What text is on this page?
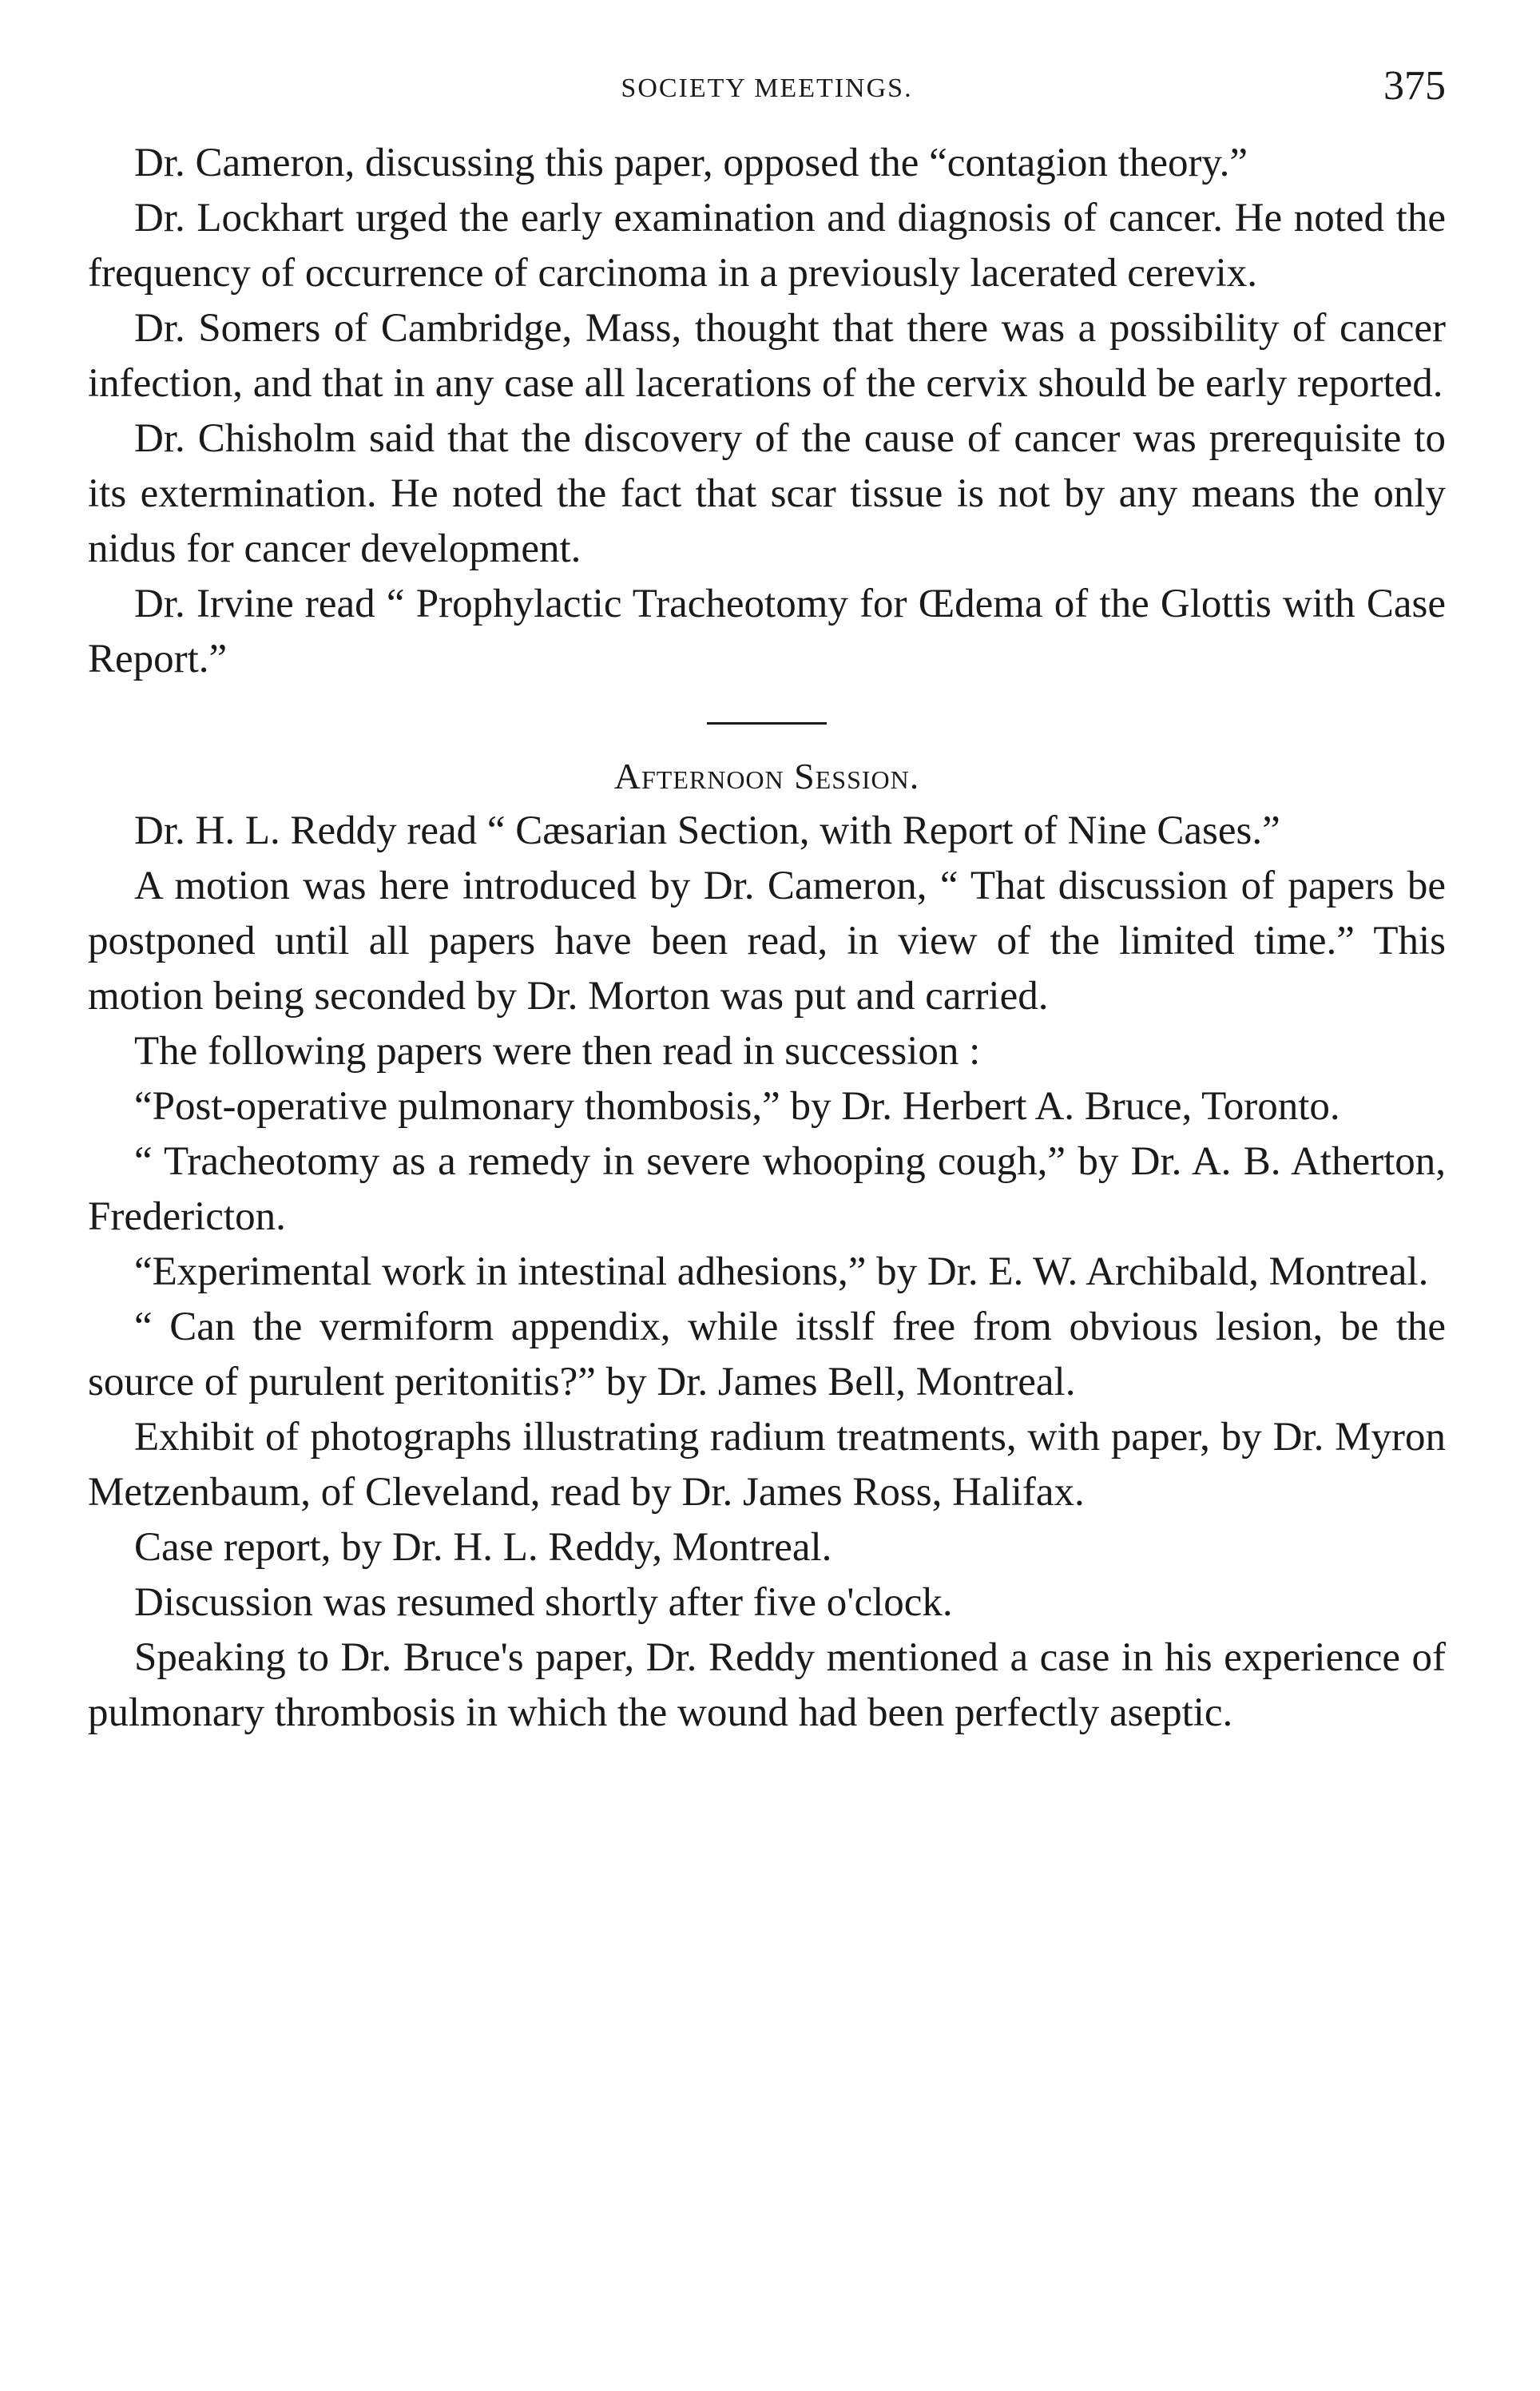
SOCIETY MEETINGS.	375

Dr. Cameron, discussing this paper, opposed the “contagion theory.”

Dr. Lockhart urged the early examination and diagnosis of cancer. He noted the frequency of occurrence of carcinoma in a previously lacerated cerevix.

Dr. Somers of Cambridge, Mass, thought that there was a possibility of cancer infection, and that in any case all lacerations of the cervix should be early reported.

Dr. Chisholm said that the discovery of the cause of cancer was prerequisite to its extermination. He noted the fact that scar tissue is not by any means the only nidus for cancer development.

Dr. Irvine read “ Prophylactic Tracheotomy for Œdema of the Glottis with Case Report.”

Afternoon Session.

Dr. H. L. Reddy read “ Cæsarian Section, with Report of Nine Cases.”

A motion was here introduced by Dr. Cameron, “ That discussion of papers be postponed until all papers have been read, in view of the limited time.” This motion being seconded by Dr. Morton was put and carried.

The following papers were then read in succession :

“Post-operative pulmonary thombosis,” by Dr. Herbert A. Bruce, Toronto.

“ Tracheotomy as a remedy in severe whooping cough,” by Dr. A. B. Atherton, Fredericton.

“Experimental work in intestinal adhesions,” by Dr. E. W. Archibald, Montreal.

“ Can the vermiform appendix, while itsslf free from obvious lesion, be the source of purulent peritonitis?” by Dr. James Bell, Montreal.

Exhibit of photographs illustrating radium treatments, with paper, by Dr. Myron Metzenbaum, of Cleveland, read by Dr. James Ross, Halifax.

Case report, by Dr. H. L. Reddy, Montreal.

Discussion was resumed shortly after five o'clock.

Speaking to Dr. Bruce's paper, Dr. Reddy mentioned a case in his experience of pulmonary thrombosis in which the wound had been perfectly aseptic.
